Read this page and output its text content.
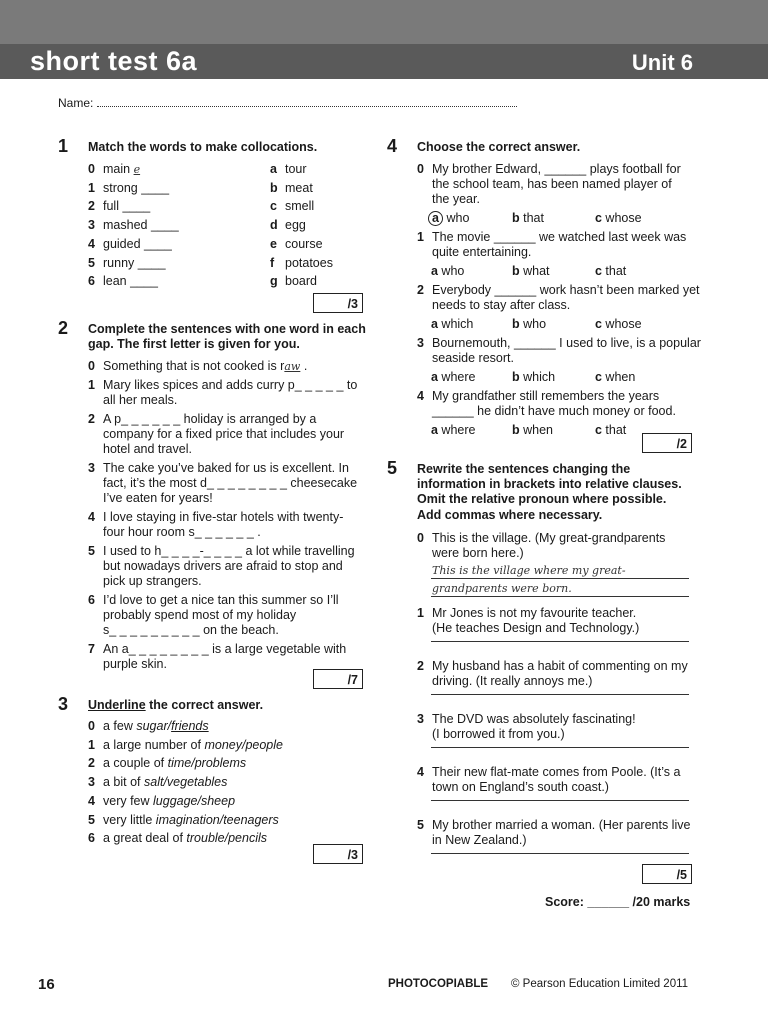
short test 6a	Unit 6
Name:
16	PHOTOCOPIABLE © Pearson Education Limited 2011
1 Match the words to make collocations.
0 main e	a tour
1 strong ____	b meat
2 full ____	c smell
3 mashed ____	d egg
4 guided ____	e course
5 runny ____	f potatoes
6 lean ____	g board
/3
2 Complete the sentences with one word in each
gap. The first letter is given for you.
0 Something that is not cooked is raw .
1 Mary likes spices and adds curry p_ _ _ _ _ to
all her meals.
2 A p_ _ _ _ _ _ holiday is arranged by a
company for a fixed price that includes your
hotel and travel.
3 The cake you’ve baked for us is excellent. In
fact, it’s the most d_ _ _ _ _ _ _ _ cheesecake
I’ve eaten for years!
4 I love staying in five-star hotels with twenty-
four hour room s_ _ _ _ _ _ .
5 I used to h_ _ _ _-_ _ _ _ a lot while travelling
but nowadays drivers are afraid to stop and
pick up strangers.
6 I’d love to get a nice tan this summer so I’ll
probably spend most of my holiday
s_ _ _ _ _ _ _ _ _ on the beach.
7 An a_ _ _ _ _ _ _ _ is a large vegetable with
purple skin.
/7
3 Underline the correct answer.
0 a few sugar/friends
1 a large number of money/people
2 a couple of time/problems
3 a bit of salt/vegetables
4 very few luggage/sheep
5 very little imagination/teenagers
6 a great deal of trouble/pencils
/3
4 Choose the correct answer.
0 My brother Edward, ______ plays football for
the school team, has been named player of
the year.
a who	b that	c whose
1 The movie ______ we watched last week was
quite entertaining.
a who	b what	c that
2 Everybody ______ work hasn’t been marked yet
needs to stay after class.
a which	b who	c whose
3 Bournemouth, ______ I used to live, is a popular
seaside resort.
a where	b which	c when
4 My grandfather still remembers the years
______ he didn’t have much money or food.
a where	b when	c that
/2
5 Rewrite the sentences changing the
information in brackets into relative clauses.
Omit the relative pronoun where possible.
Add commas where necessary.
0 This is the village. (My great-grandparents
were born here.)
This is the village where my great-
grandparents were born.
1 Mr Jones is not my favourite teacher.
(He teaches Design and Technology.)
2 My husband has a habit of commenting on my
driving. (It really annoys me.)
3 The DVD was absolutely fascinating!
(I borrowed it from you.)
4 Their new flat-mate comes from Poole. (It’s a
town on England’s south coast.)
5 My brother married a woman. (Her parents live
in New Zealand.)
/5
Score: ______ /20 marks
